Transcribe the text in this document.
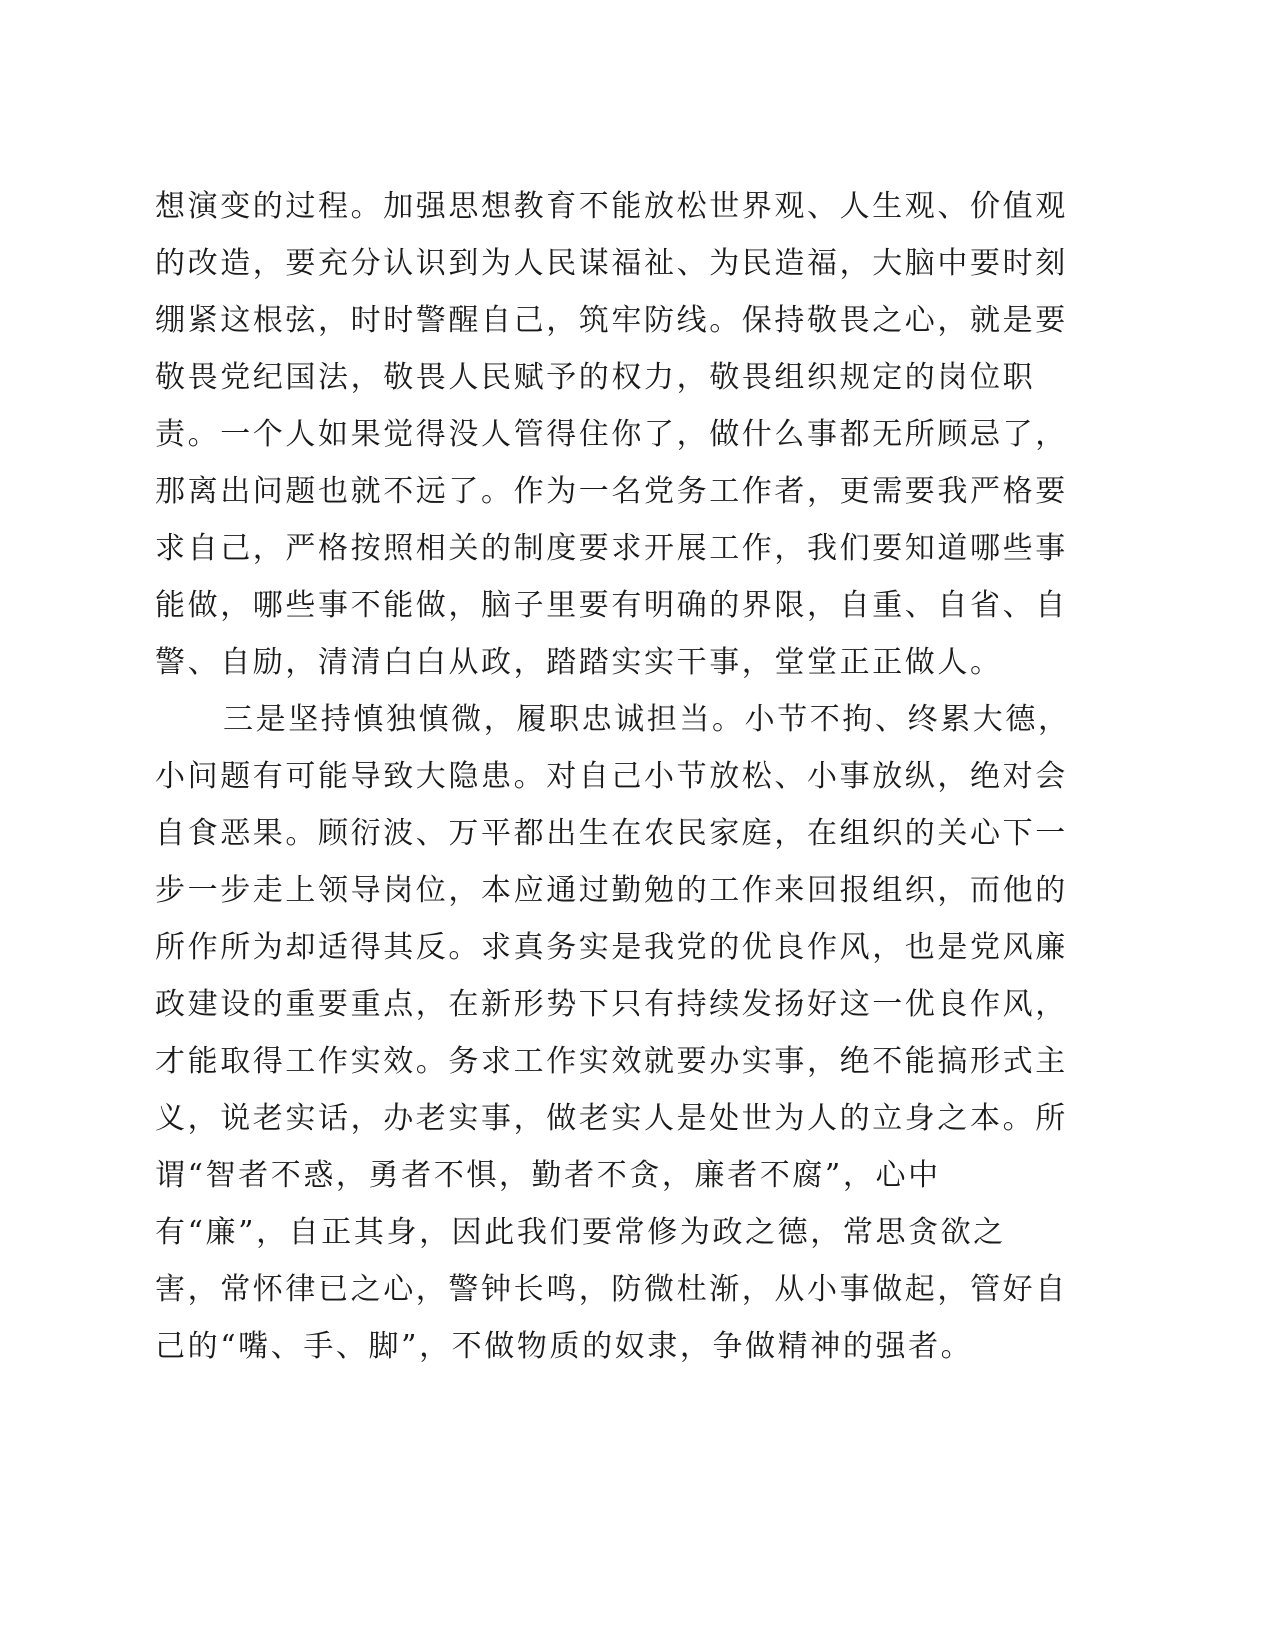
想演变的过程。加强思想教育不能放松世界观、人生观、价值观
的改造，要充分认识到为人民谋福祉、为民造福，大脑中要时刻
绷紧这根弦，时时警醒自己，筑牢防线。保持敬畏之心，就是要
敬畏党纪国法，敬畏人民赋予的权力，敬畏组织规定的岗位职
责。一个人如果觉得没人管得住你了，做什么事都无所顾忌了，
那离出问题也就不远了。作为一名党务工作者，更需要我严格要
求自己，严格按照相关的制度要求开展工作，我们要知道哪些事
能做，哪些事不能做，脑子里要有明确的界限，自重、自省、自
警、自励，清清白白从政，踏踏实实干事，堂堂正正做人。
三是坚持慎独慎微，履职忠诚担当。小节不拘、终累大德，
小问题有可能导致大隐患。对自己小节放松、小事放纵，绝对会
自食恶果。顾衍波、万平都出生在农民家庭，在组织的关心下一
步一步走上领导岗位，本应通过勤勉的工作来回报组织，而他的
所作所为却适得其反。求真务实是我党的优良作风，也是党风廉
政建设的重要重点，在新形势下只有持续发扬好这一优良作风，
才能取得工作实效。务求工作实效就要办实事，绝不能搞形式主
义，说老实话，办老实事，做老实人是处世为人的立身之本。所
谓“智者不惑，勇者不惧，勤者不贪，廉者不腐”，心中
有“廉”，自正其身，因此我们要常修为政之德，常思贪欲之
害，常怀律已之心，警钟长鸣，防微杜渐，从小事做起，管好自
己的“嘴、手、脚”，不做物质的奴隶，争做精神的强者。
